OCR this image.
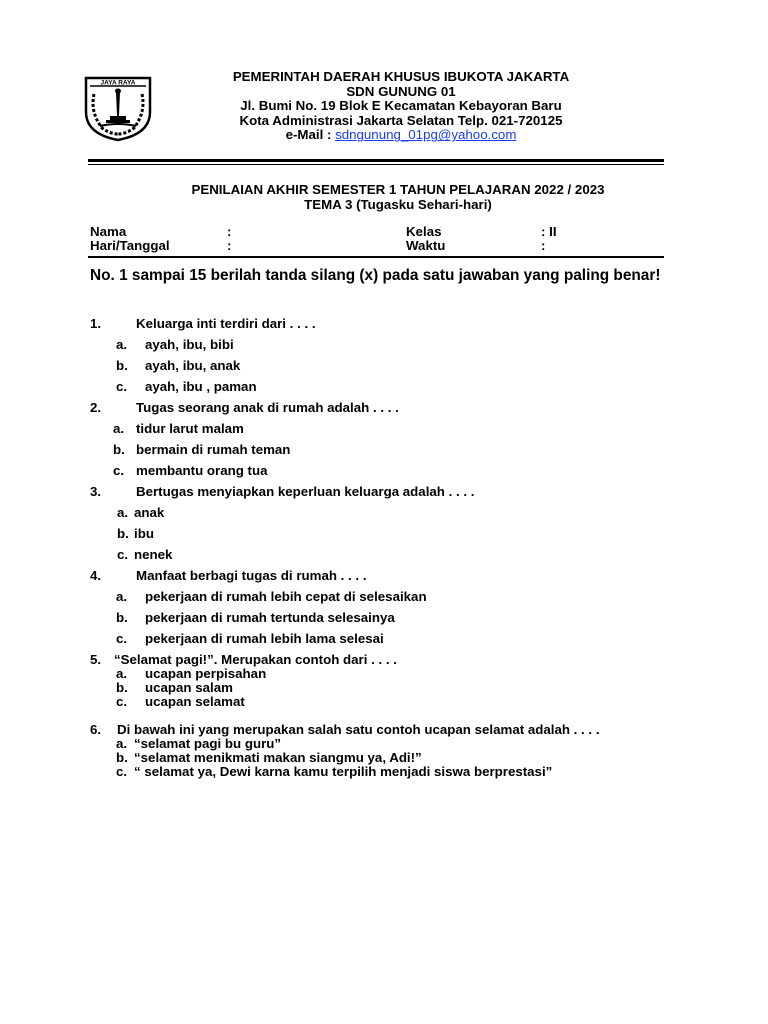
JAYA RAYA	PEMERINTAH DAERAH KHUSUS IBUKOTA JAKARTA
SDN GUNUNG 01
Jl. Bumi No. 19 Blok E Kecamatan Kebayoran Baru
Kota Administrasi Jakarta Selatan Telp. 021-720125
e-Mail : sdngunung_01pg@yahoo.com
PENILAIAN AKHIR SEMESTER 1 TAHUN PELAJARAN 2022 / 2023
TEMA 3 (Tugasku Sehari-hari)
Nama	:	Kelas	: II
Hari/Tanggal	:	Waktu	:
No. 1 sampai 15 berilah tanda silang (x) pada satu jawaban yang paling benar!
1.	Keluarga inti terdiri dari . . . .
a. ayah, ibu, bibi
b. ayah, ibu, anak
c. ayah, ibu , paman
2.	Tugas seorang anak di rumah adalah . . . .
a. tidur larut malam
b. bermain di rumah teman
c. membantu orang tua
3.	Bertugas menyiapkan keperluan keluarga adalah . . . .
a. anak
b. ibu
c. nenek
4.	Manfaat berbagi tugas di rumah . . . .
a. pekerjaan di rumah lebih cepat di selesaikan
b. pekerjaan di rumah tertunda selesainya
c. pekerjaan di rumah lebih lama selesai
5. “Selamat pagi!”. Merupakan contoh dari . . . .
a. ucapan perpisahan
b. ucapan salam
c. ucapan selamat
6. Di bawah ini yang merupakan salah satu contoh ucapan selamat adalah . . . .
a. “selamat pagi bu guru”
b. “selamat menikmati makan siangmu ya, Adi!”
c. “ selamat ya, Dewi karna kamu terpilih menjadi siswa berprestasi”
